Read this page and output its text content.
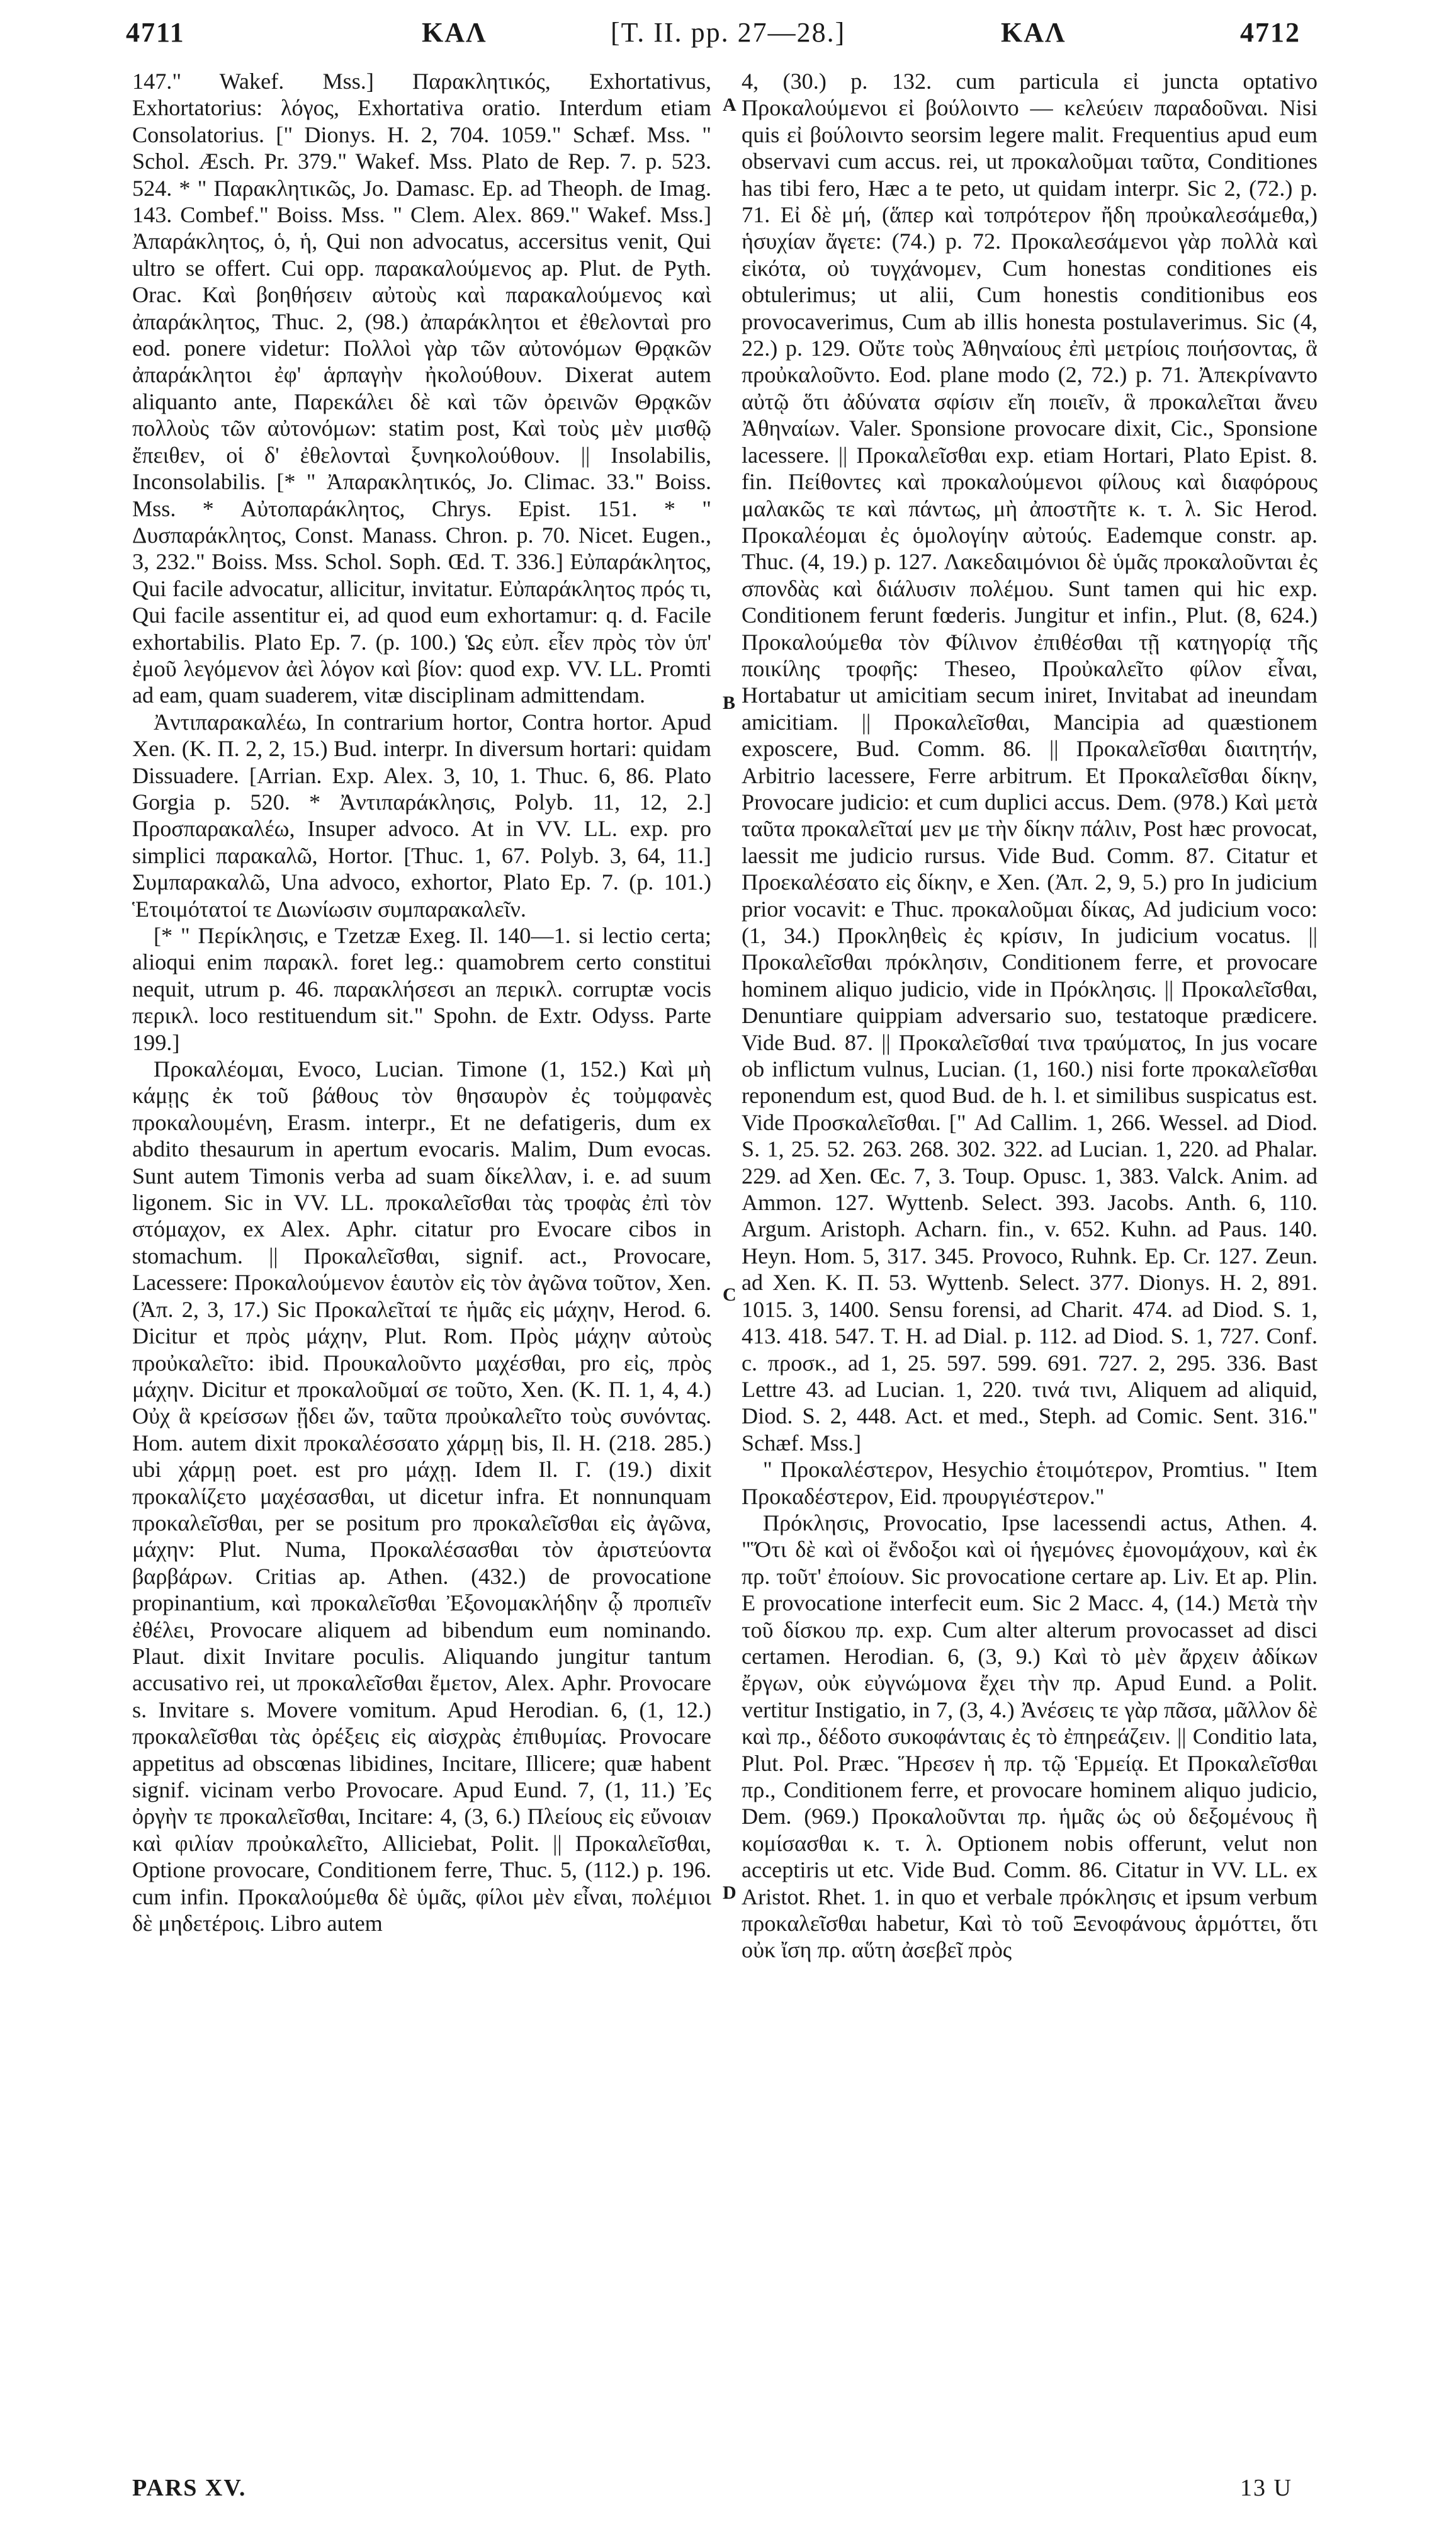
4711	ΚΑΛ	[T. II. pp. 27—28.]	ΚΑΛ	4712

147." Wakef. Mss.] Παρακλητικός, Exhortativus, Exhortatorius: λόγος, Exhortativa oratio. Interdum etiam Consolatorius. [" Dionys. H. 2, 704. 1059." Schæf. Mss. " Schol. Æsch. Pr. 379." Wakef. Mss. Plato de Rep. 7. p. 523. 524. * " Παρακλητικῶς, Jo. Damasc. Ep. ad Theoph. de Imag. 143. Combef." Boiss. Mss. " Clem. Alex. 869." Wakef. Mss.] Ἀπαράκλητος, ὁ, ἡ, Qui non advocatus, accersitus venit, Qui ultro se offert. Cui opp. παρακαλούμενος ap. Plut. de Pyth. Orac. Καὶ βοηθήσειν αὐτοὺς καὶ παρακαλούμενος καὶ ἀπαράκλητος, Thuc. 2, (98.) ἀπαράκλητοι et ἐθελονταὶ pro eod. ponere videtur: Πολλοὶ γὰρ τῶν αὐτονόμων Θρᾳκῶν ἀπαράκλητοι ἐφ' ἁρπαγὴν ἠκολούθουν. Dixerat autem aliquanto ante, Παρεκάλει δὲ καὶ τῶν ὀρεινῶν Θρᾳκῶν πολλοὺς τῶν αὐτονόμων: statim post, Καὶ τοὺς μὲν μισθῷ ἔπειθεν, οἱ δ' ἐθελονταὶ ξυνηκολούθουν. || Insolabilis, Inconsolabilis. [* " Ἀπαρακλητικός, Jo. Climac. 33." Boiss. Mss. * Αὐτοπαράκλητος, Chrys. Epist. 151. * " Δυσπαράκλητος, Const. Manass. Chron. p. 70. Nicet. Eugen., 3, 232." Boiss. Mss. Schol. Soph. Œd. T. 336.] Εὐπαράκλητος, Qui facile advocatur, allicitur, invitatur. Εὐπαράκλητος πρός τι, Qui facile assentitur ei, ad quod eum exhortamur: q. d. Facile exhortabilis. Plato Ep. 7. (p. 100.) Ὡς εὐπ. εἶεν πρὸς τὸν ὑπ' ἐμοῦ λεγόμενον ἀεὶ λόγον καὶ βίον: quod exp. VV. LL. Promti ad eam, quam suaderem, vitæ disciplinam admittendam.

Ἀντιπαρακαλέω, In contrarium hortor, Contra hortor. Apud Xen. (K. Π. 2, 2, 15.) Bud. interpr. In diversum hortari: quidam Dissuadere. [Arrian. Exp. Alex. 3, 10, 1. Thuc. 6, 86. Plato Gorgia p. 520. * Ἀντιπαράκλησις, Polyb. 11, 12, 2.] Προσπαρακαλέω, Insuper advoco. At in VV. LL. exp. pro simplici παρακαλῶ, Hortor. [Thuc. 1, 67. Polyb. 3, 64, 11.] Συμπαρακαλῶ, Una advoco, exhortor, Plato Ep. 7. (p. 101.) Ἑτοιμότατοί τε Διωνίωσιν συμπαρακαλεῖν.

[* " Περίκλησις, e Tzetzæ Exeg. Il. 140—1. si lectio certa; alioqui enim παρακλ. foret leg.: quamobrem certo constitui nequit, utrum p. 46. παρακλήσεσι an περικλ. corruptæ vocis περικλ. loco restituendum sit." Spohn. de Extr. Odyss. Parte 199.]

Προκαλέομαι, Evoco, Lucian. Timone (1, 152.) Καὶ μὴ κάμῃς ἐκ τοῦ βάθους τὸν θησαυρὸν ἐς τοὐμφανὲς προκαλουμένη, Erasm. interpr., Et ne defatigeris, dum ex abdito thesaurum in apertum evocaris. Malim, Dum evocas. Sunt autem Timonis verba ad suam δίκελλαν, i. e. ad suum ligonem. Sic in VV. LL. προκαλεῖσθαι τὰς τροφὰς ἐπὶ τὸν στόμαχον, ex Alex. Aphr. citatur pro Evocare cibos in stomachum. || Προκαλεῖσθαι, signif. act., Provocare, Lacessere: Προκαλούμενον ἑαυτὸν εἰς τὸν ἀγῶνα τοῦτον, Xen. (Ἀπ. 2, 3, 17.) Sic Προκαλεῖταί τε ἡμᾶς εἰς μάχην, Herod. 6. Dicitur et πρὸς μάχην, Plut. Rom. Πρὸς μάχην αὐτοὺς προὐκαλεῖτο: ibid. Προυκαλοῦντο μαχέσθαι, pro εἰς, πρὸς μάχην. Dicitur et προκαλοῦμαί σε τοῦτο, Xen. (K. Π. 1, 4, 4.) Οὐχ ἃ κρείσσων ᾔδει ὤν, ταῦτα προὐκαλεῖτο τοὺς συνόντας. Hom. autem dixit προκαλέσσατο χάρμῃ bis, Il. H. (218. 285.) ubi χάρμῃ poet. est pro μάχῃ. Idem Il. Γ. (19.) dixit προκαλίζετο μαχέσασθαι, ut dicetur infra. Et nonnunquam προκαλεῖσθαι, per se positum pro προκαλεῖσθαι εἰς ἀγῶνα, μάχην: Plut. Numa, Προκαλέσασθαι τὸν ἀριστεύοντα βαρβάρων. Critias ap. Athen. (432.) de provocatione propinantium, καὶ προκαλεῖσθαι Ἐξονομακλήδην ᾧ προπιεῖν ἐθέλει, Provocare aliquem ad bibendum eum nominando. Plaut. dixit Invitare poculis. Aliquando jungitur tantum accusativo rei, ut προκαλεῖσθαι ἔμετον, Alex. Aphr. Provocare s. Invitare s. Movere vomitum. Apud Herodian. 6, (1, 12.) προκαλεῖσθαι τὰς ὀρέξεις εἰς αἰσχρὰς ἐπιθυμίας. Provocare appetitus ad obscœnas libidines, Incitare, Illicere; quæ habent signif. vicinam verbo Provocare. Apud Eund. 7, (1, 11.) Ἐς ὀργὴν τε προκαλεῖσθαι, Incitare: 4, (3, 6.) Πλείους εἰς εὔνοιαν καὶ φιλίαν προὐκαλεῖτο, Alliciebat, Polit. || Προκαλεῖσθαι, Optione provocare, Conditionem ferre, Thuc. 5, (112.) p. 196. cum infin. Προκαλούμεθα δὲ ὑμᾶς, φίλοι μὲν εἶναι, πολέμιοι δὲ μηδετέροις. Libro autem

A
B
C
D

4, (30.) p. 132. cum particula εἰ juncta optativo Προκαλούμενοι εἰ βούλοιντο — κελεύειν παραδοῦναι. Nisi quis εἰ βούλοιντο seorsim legere malit. Frequentius apud eum observavi cum accus. rei, ut προκαλοῦμαι ταῦτα, Conditiones has tibi fero, Hæc a te peto, ut quidam interpr. Sic 2, (72.) p. 71. Εἰ δὲ μή, (ἅπερ καὶ τοπρότερον ἤδη προὐκαλεσάμεθα,) ἡσυχίαν ἄγετε: (74.) p. 72. Προκαλεσάμενοι γὰρ πολλὰ καὶ εἰκότα, οὐ τυγχάνομεν, Cum honestas conditiones eis obtulerimus; ut alii, Cum honestis conditionibus eos provocaverimus, Cum ab illis honesta postulaverimus. Sic (4, 22.) p. 129. Οὔτε τοὺς Ἀθηναίους ἐπὶ μετρίοις ποιήσοντας, ἃ προὐκαλοῦντο. Eod. plane modo (2, 72.) p. 71. Ἀπεκρίναντο αὐτῷ ὅτι ἀδύνατα σφίσιν εἴη ποιεῖν, ἃ προκαλεῖται ἄνευ Ἀθηναίων. Valer. Sponsione provocare dixit, Cic., Sponsione lacessere. || Προκαλεῖσθαι exp. etiam Hortari, Plato Epist. 8. fin. Πείθοντες καὶ προκαλούμενοι φίλους καὶ διαφόρους μαλακῶς τε καὶ πάντως, μὴ ἀποστῆτε κ. τ. λ. Sic Herod. Προκαλέομαι ἐς ὁμολογίην αὐτούς. Eademque constr. ap. Thuc. (4, 19.) p. 127. Λακεδαιμόνιοι δὲ ὑμᾶς προκαλοῦνται ἐς σπονδὰς καὶ διάλυσιν πολέμου. Sunt tamen qui hic exp. Conditionem ferunt fœderis. Jungitur et infin., Plut. (8, 624.) Προκαλούμεθα τὸν Φίλινον ἐπιθέσθαι τῇ κατηγορίᾳ τῆς ποικίλης τροφῆς: Theseo, Προὐκαλεῖτο φίλον εἶναι, Hortabatur ut amicitiam secum iniret, Invitabat ad ineundam amicitiam. || Προκαλεῖσθαι, Mancipia ad quæstionem exposcere, Bud. Comm. 86. || Προκαλεῖσθαι διαιτητήν, Arbitrio lacessere, Ferre arbitrum. Et Προκαλεῖσθαι δίκην, Provocare judicio: et cum duplici accus. Dem. (978.) Καὶ μετὰ ταῦτα προκαλεῖταί μεν με τὴν δίκην πάλιν, Post hæc provocat, laessit me judicio rursus. Vide Bud. Comm. 87. Citatur et Προεκαλέσατο εἰς δίκην, e Xen. (Ἀπ. 2, 9, 5.) pro In judicium prior vocavit: e Thuc. προκαλοῦμαι δίκας, Ad judicium voco: (1, 34.) Προκληθεὶς ἐς κρίσιν, In judicium vocatus. || Προκαλεῖσθαι πρόκλησιν, Conditionem ferre, et provocare hominem aliquo judicio, vide in Πρόκλησις. || Προκαλεῖσθαι, Denuntiare quippiam adversario suo, testatoque prædicere. Vide Bud. 87. || Προκαλεῖσθαί τινα τραύματος, In jus vocare ob inflictum vulnus, Lucian. (1, 160.) nisi forte προκαλεῖσθαι reponendum est, quod Bud. de h. l. et similibus suspicatus est. Vide Προσκαλεῖσθαι. [" Ad Callim. 1, 266. Wessel. ad Diod. S. 1, 25. 52. 263. 268. 302. 322. ad Lucian. 1, 220. ad Phalar. 229. ad Xen. Œc. 7, 3. Toup. Opusc. 1, 383. Valck. Anim. ad Ammon. 127. Wyttenb. Select. 393. Jacobs. Anth. 6, 110. Argum. Aristoph. Acharn. fin., v. 652. Kuhn. ad Paus. 140. Heyn. Hom. 5, 317. 345. Provoco, Ruhnk. Ep. Cr. 127. Zeun. ad Xen. K. Π. 53. Wyttenb. Select. 377. Dionys. H. 2, 891. 1015. 3, 1400. Sensu forensi, ad Charit. 474. ad Diod. S. 1, 413. 418. 547. T. H. ad Dial. p. 112. ad Diod. S. 1, 727. Conf. c. προσκ., ad 1, 25. 597. 599. 691. 727. 2, 295. 336. Bast Lettre 43. ad Lucian. 1, 220. τινά τινι, Aliquem ad aliquid, Diod. S. 2, 448. Act. et med., Steph. ad Comic. Sent. 316." Schæf. Mss.]

" Προκαλέστερον, Hesychio ἑτοιμότερον, Promtius. " Item Προκαδέστερον, Eid. προυργιέστερον."

Πρόκλησις, Provocatio, Ipse lacessendi actus, Athen. 4. "Ὅτι δὲ καὶ οἱ ἔνδοξοι καὶ οἱ ἡγεμόνες ἐμονομάχουν, καὶ ἐκ πρ. τοῦτ' ἐποίουν. Sic provocatione certare ap. Liv. Et ap. Plin. E provocatione interfecit eum. Sic 2 Macc. 4, (14.) Μετὰ τὴν τοῦ δίσκου πρ. exp. Cum alter alterum provocasset ad disci certamen. Herodian. 6, (3, 9.) Καὶ τὸ μὲν ἄρχειν ἀδίκων ἔργων, οὐκ εὐγνώμονα ἔχει τὴν πρ. Apud Eund. a Polit. vertitur Instigatio, in 7, (3, 4.) Ἀνέσεις τε γὰρ πᾶσα, μᾶλλον δὲ καὶ πρ., δέδοτο συκοφάνταις ἐς τὸ ἐπηρεάζειν. || Conditio lata, Plut. Pol. Præc. Ἥρεσεν ἡ πρ. τῷ Ἑρμείᾳ. Et Προκαλεῖσθαι πρ., Conditionem ferre, et provocare hominem aliquo judicio, Dem. (969.) Προκαλοῦνται πρ. ἡμᾶς ὡς οὐ δεξομένους ἢ κομίσασθαι κ. τ. λ. Optionem nobis offerunt, velut non acceptiris ut etc. Vide Bud. Comm. 86. Citatur in VV. LL. ex Aristot. Rhet. 1. in quo et verbale πρόκλησις et ipsum verbum προκαλεῖσθαι habetur, Καὶ τὸ τοῦ Ξενοφάνους ἁρμόττει, ὅτι οὐκ ἴση πρ. αὕτη ἀσεβεῖ πρὸς

PARS XV.	13 U
